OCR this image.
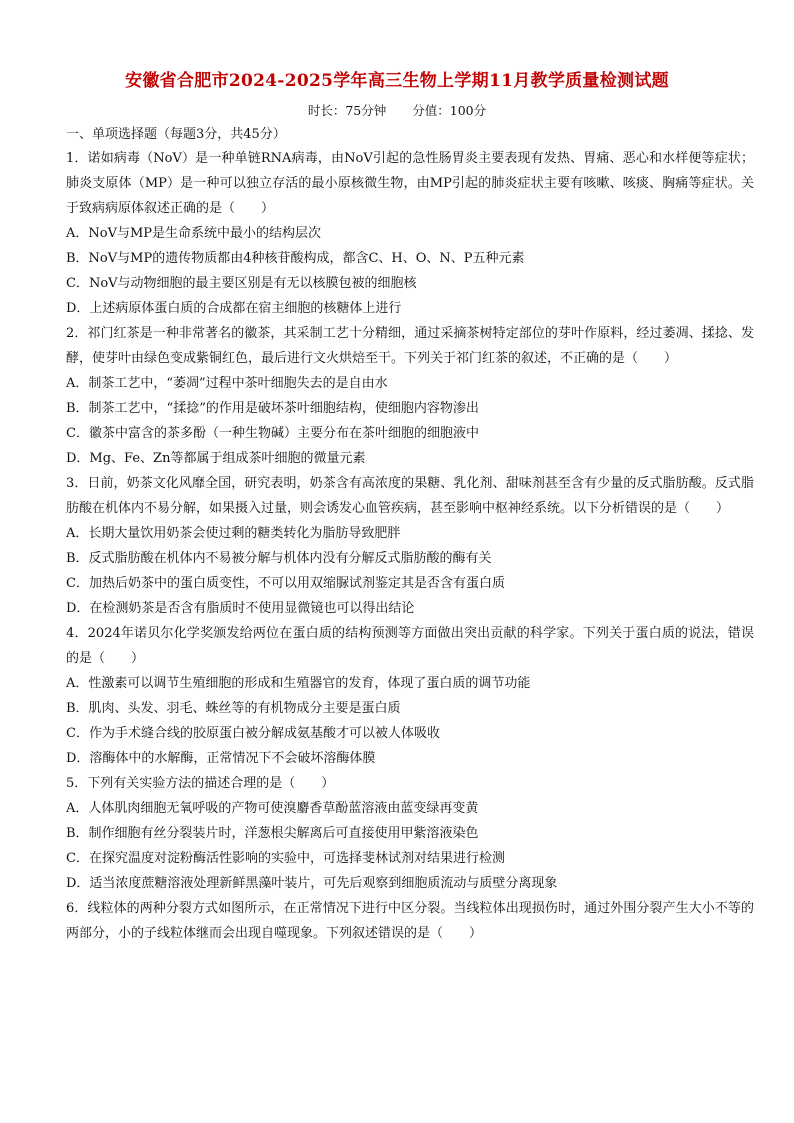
安徽省合肥市2024-2025学年高三生物上学期11月教学质量检测试题
时长：75分钟 分值：100分
一、单项选择题（每题3分，共45分）

1．诺如病毒（NoV）是一种单链RNA病毒，由NoV引起的急性肠胃炎主要表现有发热、胃痛、恶心和水样便等症状；肺炎支原体（MP）是一种可以独立存活的最小原核微生物，由MP引起的肺炎症状主要有咳嗽、咳痰、胸痛等症状。关于致病病原体叙述正确的是（　　）

A．NoV与MP是生命系统中最小的结构层次

B．NoV与MP的遗传物质都由4种核苷酸构成，都含C、H、O、N、P五种元素

C．NoV与动物细胞的最主要区别是有无以核膜包被的细胞核

D．上述病原体蛋白质的合成都在宿主细胞的核糖体上进行

2．祁门红茶是一种非常著名的徽茶，其采制工艺十分精细，通过采摘茶树特定部位的芽叶作原料，经过萎凋、揉捻、发酵，使芽叶由绿色变成紫铜红色，最后进行文火烘焙至干。下列关于祁门红茶的叙述，不正确的是（　　）

A．制茶工艺中，“萎凋”过程中茶叶细胞失去的是自由水

B．制茶工艺中，“揉捻”的作用是破坏茶叶细胞结构，使细胞内容物渗出

C．徽茶中富含的茶多酚（一种生物碱）主要分布在茶叶细胞的细胞液中

D．Mg、Fe、Zn等都属于组成茶叶细胞的微量元素

3．日前，奶茶文化风靡全国，研究表明，奶茶含有高浓度的果糖、乳化剂、甜味剂甚至含有少量的反式脂肪酸。反式脂肪酸在机体内不易分解，如果摄入过量，则会诱发心血管疾病，甚至影响中枢神经系统。以下分析错误的是（　　）

A．长期大量饮用奶茶会使过剩的糖类转化为脂肪导致肥胖

B．反式脂肪酸在机体内不易被分解与机体内没有分解反式脂肪酸的酶有关

C．加热后奶茶中的蛋白质变性，不可以用双缩脲试剂鉴定其是否含有蛋白质

D．在检测奶茶是否含有脂质时不使用显微镜也可以得出结论

4．2024年诺贝尔化学奖颁发给两位在蛋白质的结构预测等方面做出突出贡献的科学家。下列关于蛋白质的说法，错误的是（　　）

A．性激素可以调节生殖细胞的形成和生殖器官的发育，体现了蛋白质的调节功能

B．肌肉、头发、羽毛、蛛丝等的有机物成分主要是蛋白质

C．作为手术缝合线的胶原蛋白被分解成氨基酸才可以被人体吸收

D．溶酶体中的水解酶，正常情况下不会破坏溶酶体膜

5．下列有关实验方法的描述合理的是（　　）

A．人体肌肉细胞无氧呼吸的产物可使溴麝香草酚蓝溶液由蓝变绿再变黄

B．制作细胞有丝分裂装片时，洋葱根尖解离后可直接使用甲紫溶液染色

C．在探究温度对淀粉酶活性影响的实验中，可选择斐林试剂对结果进行检测

D．适当浓度蔗糖溶液处理新鲜黑藻叶装片，可先后观察到细胞质流动与质壁分离现象

6．线粒体的两种分裂方式如图所示，在正常情况下进行中区分裂。当线粒体出现损伤时，通过外围分裂产生大小不等的两部分，小的子线粒体继而会出现自噬现象。下列叙述错误的是（　　）
